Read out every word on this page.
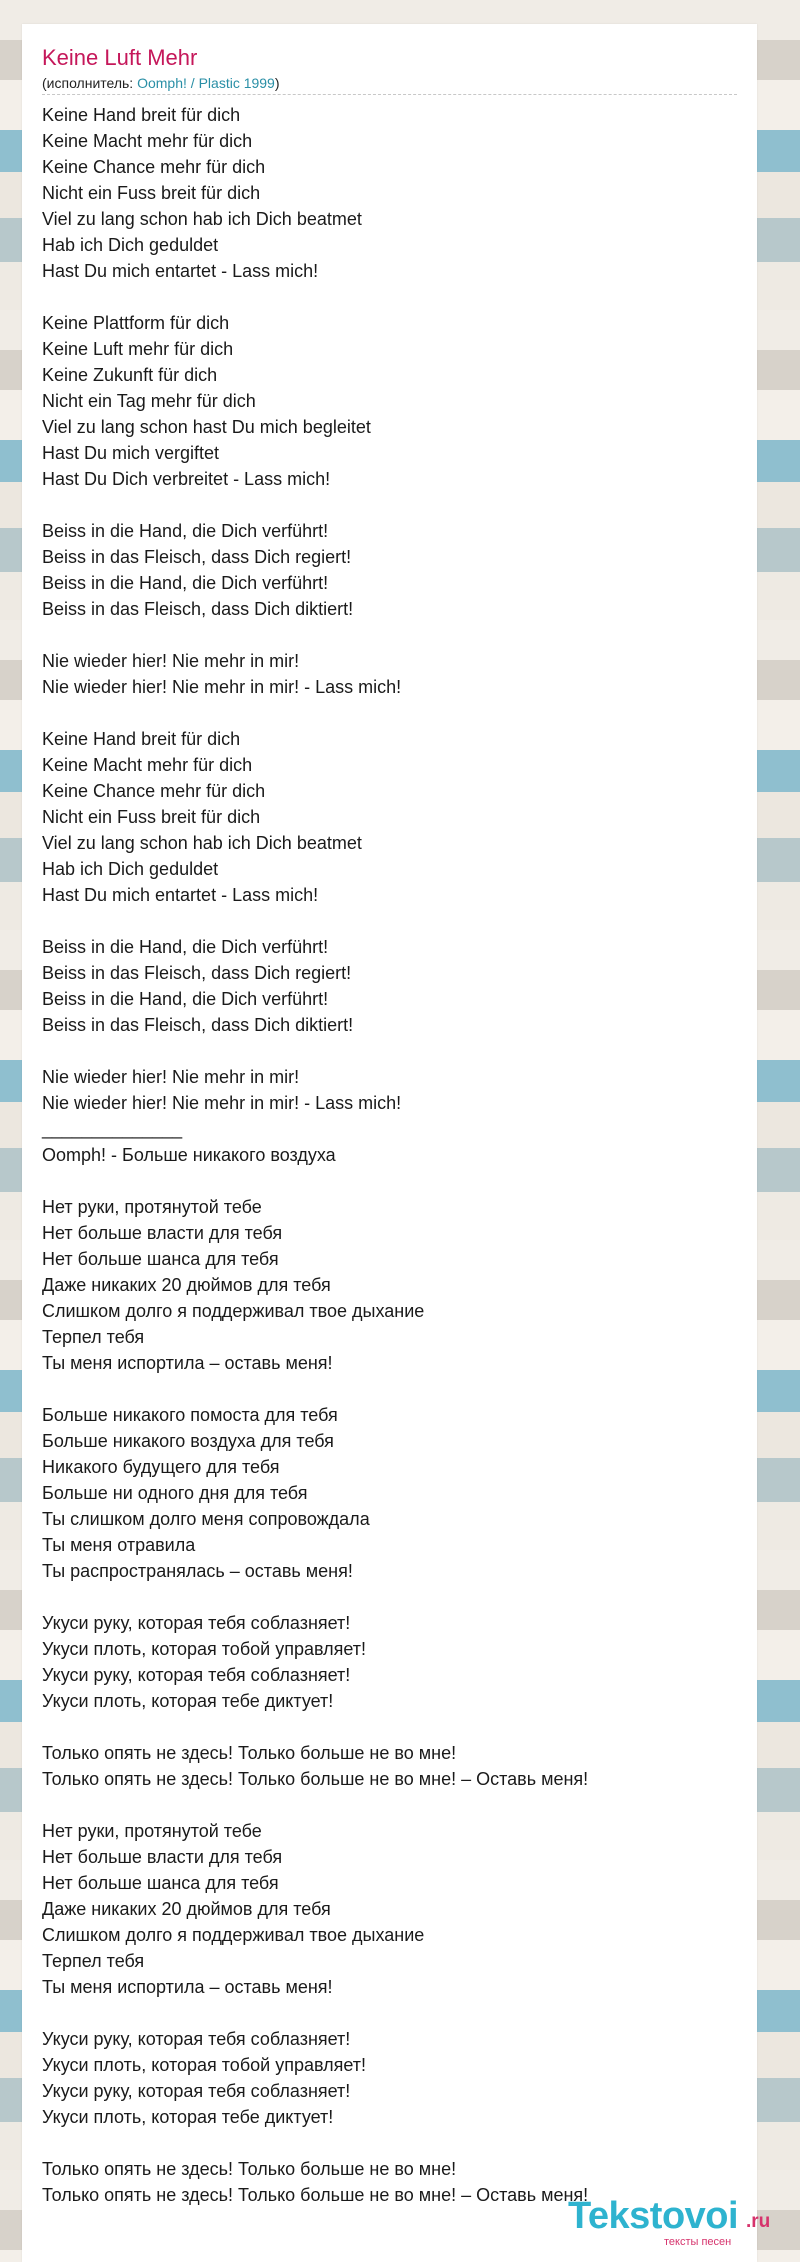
Keine Luft Mehr
(исполнитель: Oomph! / Plastic 1999)
Keine Hand breit für dich
Keine Macht mehr für dich
Keine Chance mehr für dich
Nicht ein Fuss breit für dich
Viel zu lang schon hab ich Dich beatmet
Hab ich Dich geduldet
Hast Du mich entartet - Lass mich!

Keine Plattform für dich
Keine Luft mehr für dich
Keine Zukunft für dich
Nicht ein Tag mehr für dich
Viel zu lang schon hast Du mich begleitet
Hast Du mich vergiftet
Hast Du Dich verbreitet - Lass mich!

Beiss in die Hand, die Dich verführt!
Beiss in das Fleisch, dass Dich regiert!
Beiss in die Hand, die Dich verführt!
Beiss in das Fleisch, dass Dich diktiert!

Nie wieder hier! Nie mehr in mir!
Nie wieder hier! Nie mehr in mir! - Lass mich!

Keine Hand breit für dich
Keine Macht mehr für dich
Keine Chance mehr für dich
Nicht ein Fuss breit für dich
Viel zu lang schon hab ich Dich beatmet
Hab ich Dich geduldet
Hast Du mich entartet - Lass mich!

Beiss in die Hand, die Dich verführt!
Beiss in das Fleisch, dass Dich regiert!
Beiss in die Hand, die Dich verführt!
Beiss in das Fleisch, dass Dich diktiert!

Nie wieder hier! Nie mehr in mir!
Nie wieder hier! Nie mehr in mir! - Lass mich!
______________
Oomph! - Больше никакого воздуха

Нет руки, протянутой тебе
Нет больше власти для тебя
Нет больше шанса для тебя
Даже никаких 20 дюймов для тебя
Слишком долго я поддерживал твое дыхание
Терпел тебя
Ты меня испортила – оставь меня!

Больше никакого помоста для тебя
Больше никакого воздуха для тебя
Никакого будущего для тебя
Больше ни одного дня для тебя
Ты слишком долго меня сопровождала
Ты меня отравила
Ты распространялась – оставь меня!

Укуси руку, которая тебя соблазняет!
Укуси плоть, которая тобой управляет!
Укуси руку, которая тебя соблазняет!
Укуси плоть, которая тебе диктует!

Только опять не здесь! Только больше не во мне!
Только опять не здесь! Только больше не во мне! – Оставь меня!

Нет руки, протянутой тебе
Нет больше власти для тебя
Нет больше шанса для тебя
Даже никаких 20 дюймов для тебя
Слишком долго я поддерживал твое дыхание
Терпел тебя
Ты меня испортила – оставь меня!

Укуси руку, которая тебя соблазняет!
Укуси плоть, которая тобой управляет!
Укуси руку, которая тебя соблазняет!
Укуси плоть, которая тебе диктует!

Только опять не здесь! Только больше не во мне!
Только опять не здесь! Только больше не во мне! – Оставь меня!
Tekstovoi .ru
тексты песен
